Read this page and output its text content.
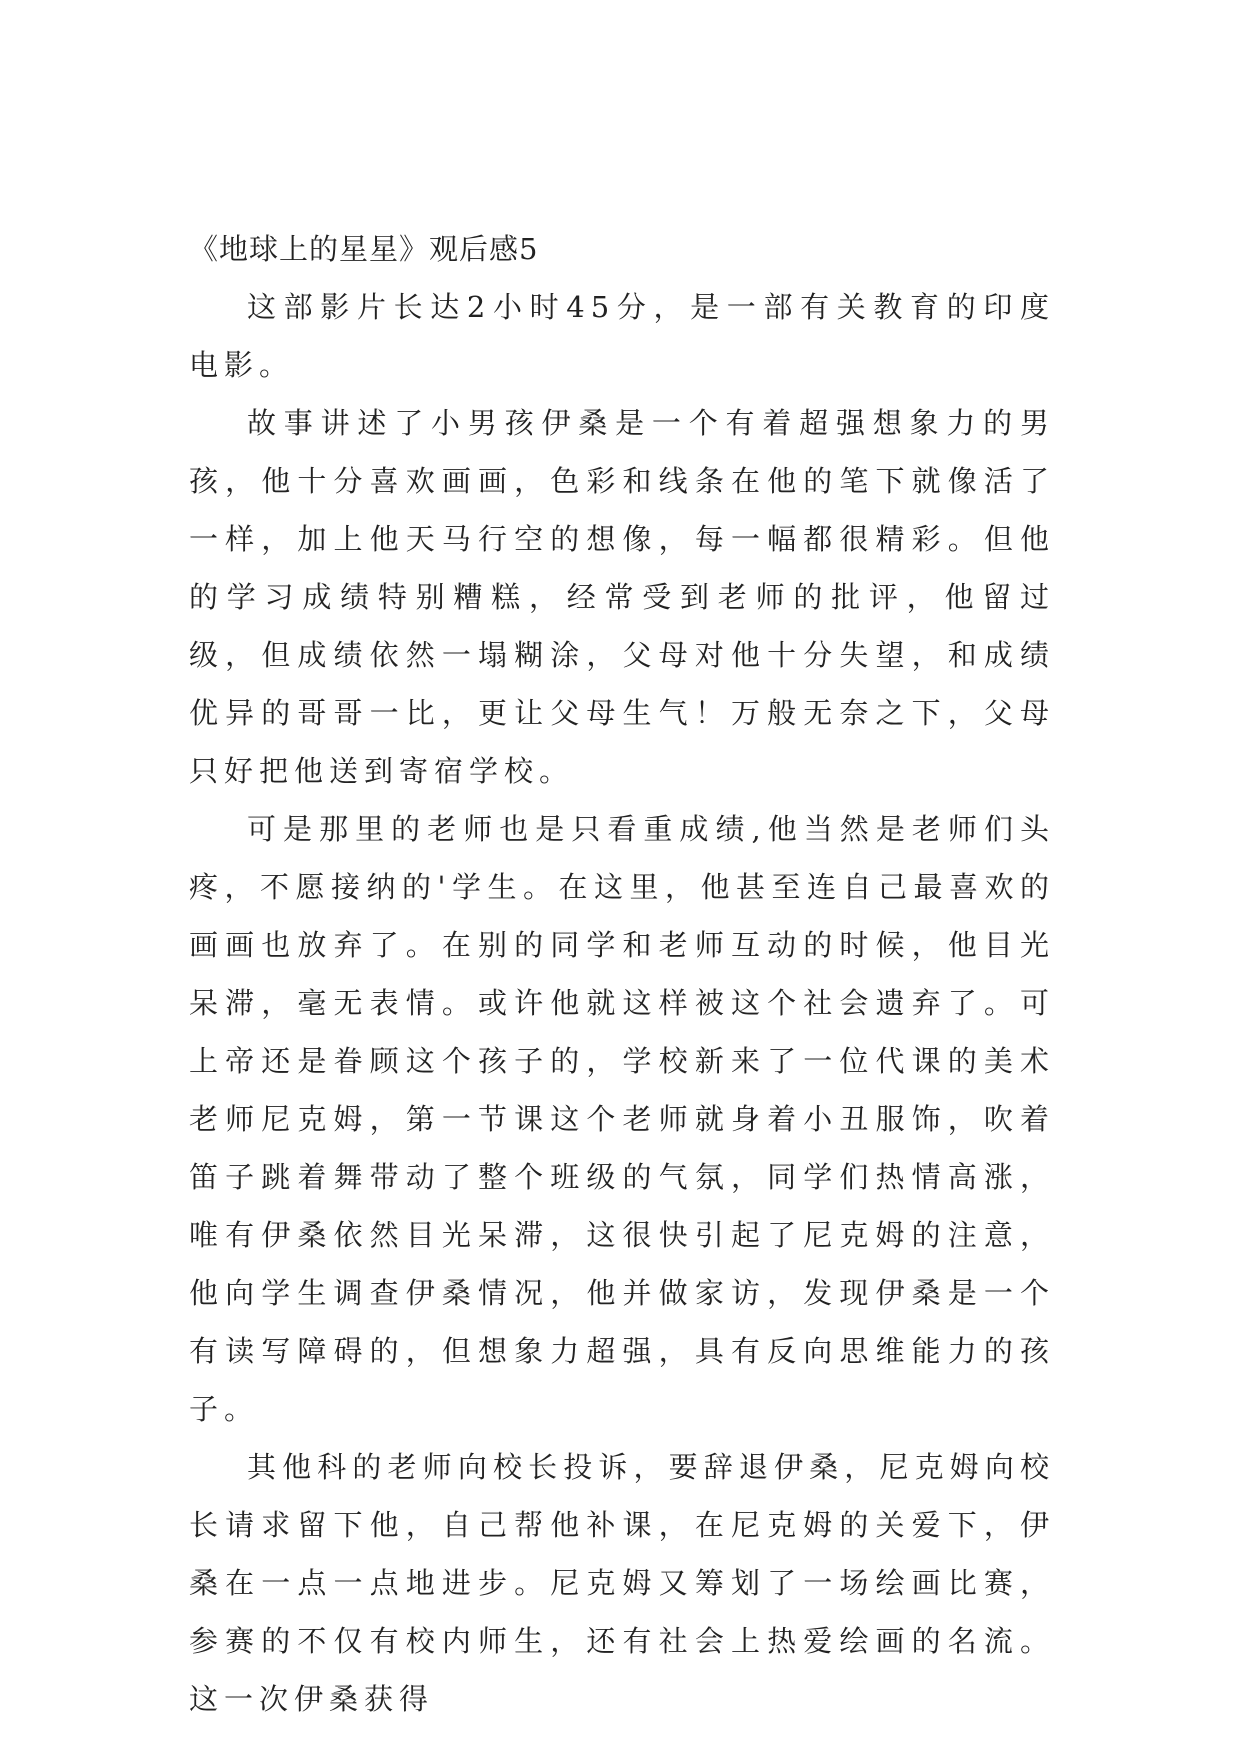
《地球上的星星》观后感5

这部影片长达2小时45分，是一部有关教育的印度电影。

故事讲述了小男孩伊桑是一个有着超强想象力的男孩，他十分喜欢画画，色彩和线条在他的笔下就像活了一样，加上他天马行空的想像，每一幅都很精彩。但他的学习成绩特别糟糕，经常受到老师的批评，他留过级，但成绩依然一塌糊涂，父母对他十分失望，和成绩优异的哥哥一比，更让父母生气！万般无奈之下，父母只好把他送到寄宿学校。

可是那里的老师也是只看重成绩,他当然是老师们头疼，不愿接纳的'学生。在这里，他甚至连自己最喜欢的画画也放弃了。在别的同学和老师互动的时候，他目光呆滞，毫无表情。或许他就这样被这个社会遗弃了。可上帝还是眷顾这个孩子的，学校新来了一位代课的美术老师尼克姆，第一节课这个老师就身着小丑服饰，吹着笛子跳着舞带动了整个班级的气氛，同学们热情高涨，唯有伊桑依然目光呆滞，这很快引起了尼克姆的注意，他向学生调查伊桑情况，他并做家访，发现伊桑是一个有读写障碍的，但想象力超强，具有反向思维能力的孩子。

其他科的老师向校长投诉，要辞退伊桑，尼克姆向校长请求留下他，自己帮他补课，在尼克姆的关爱下，伊桑在一点一点地进步。尼克姆又筹划了一场绘画比赛，参赛的不仅有校内师生，还有社会上热爱绘画的名流。这一次伊桑获得
